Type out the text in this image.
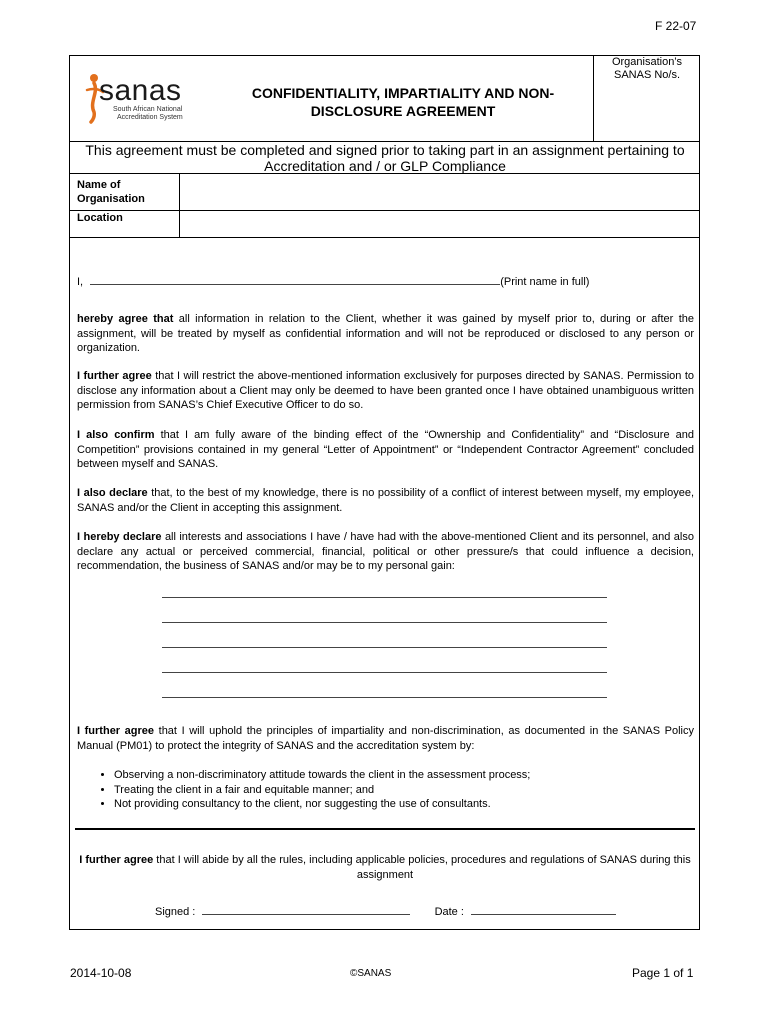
F 22-07
Organisation’s SANAS No/s.
sanas
South African National
Accreditation System
CONFIDENTIALITY, IMPARTIALITY AND NON-DISCLOSURE AGREEMENT
This agreement must be completed and signed prior to taking part in an assignment pertaining to Accreditation and / or GLP Compliance
Name of Organisation
Location
I,	(Print name in full)
hereby agree that all information in relation to the Client, whether it was gained by myself prior to, during or after the assignment, will be treated by myself as confidential information and will not be reproduced or disclosed to any person or organization.
I further agree that I will restrict the above-mentioned information exclusively for purposes directed by SANAS. Permission to disclose any information about a Client may only be deemed to have been granted once I have obtained unambiguous written permission from SANAS’s Chief Executive Officer to do so.
I also confirm that I am fully aware of the binding effect of the “Ownership and Confidentiality” and “Disclosure and Competition” provisions contained in my general “Letter of Appointment” or “Independent Contractor Agreement” concluded between myself and SANAS.
I also declare that, to the best of my knowledge, there is no possibility of a conflict of interest between myself, my employee, SANAS and/or the Client in accepting this assignment.
I hereby declare all interests and associations I have / have had with the above-mentioned Client and its personnel, and also declare any actual or perceived commercial, financial, political or other pressure/s that could influence a decision, recommendation, the business of SANAS and/or may be to my personal gain:
I further agree that I will uphold the principles of impartiality and non-discrimination, as documented in the SANAS Policy Manual (PM01) to protect the integrity of SANAS and the accreditation system by:
• Observing a non-discriminatory attitude towards the client in the assessment process;
• Treating the client in a fair and equitable manner; and
• Not providing consultancy to the client, nor suggesting the use of consultants.
I further agree that I will abide by all the rules, including applicable policies, procedures and regulations of SANAS during this assignment
Signed :	Date :
2014-10-08	©SANAS	Page 1 of 1
